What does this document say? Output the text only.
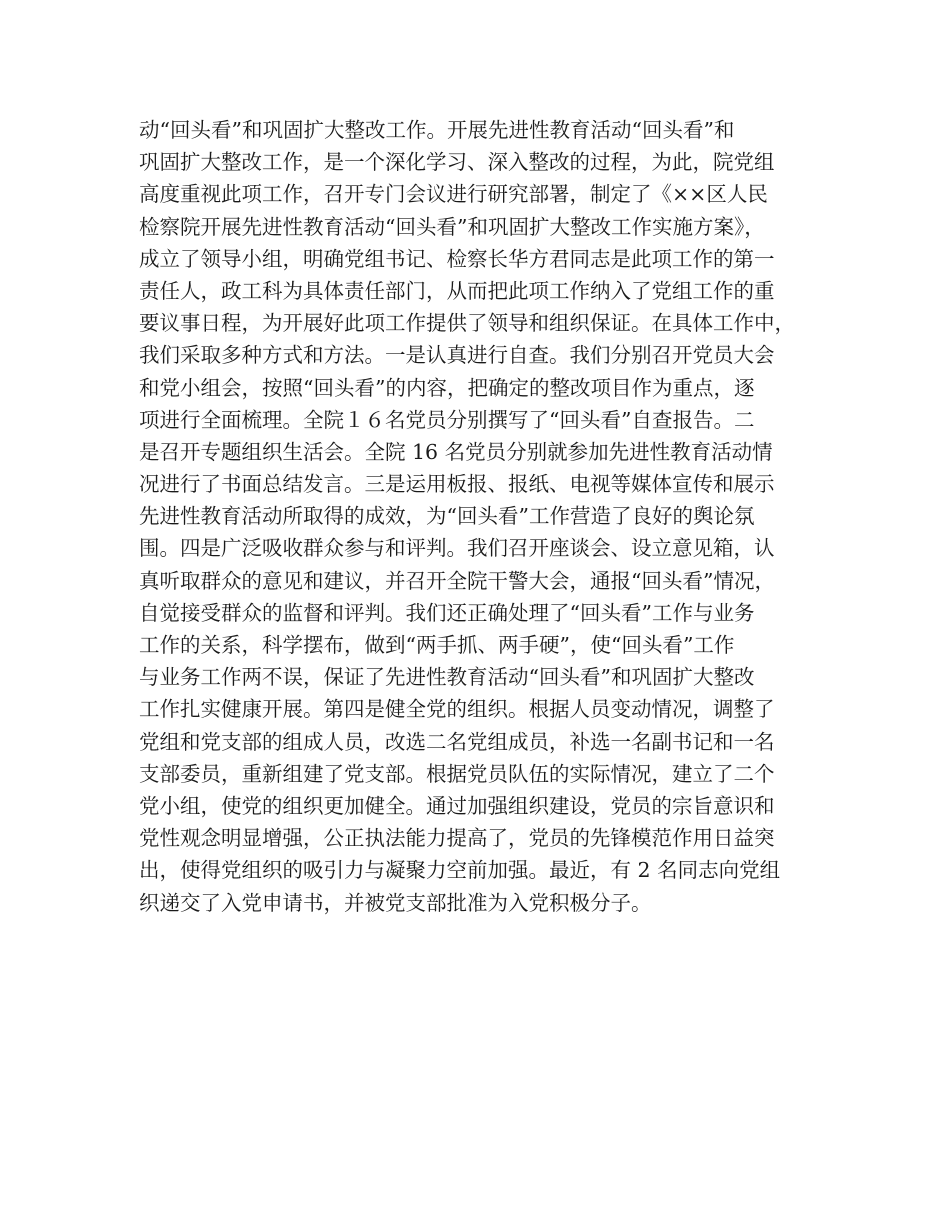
动“回头看”和巩固扩大整改工作。开展先进性教育活动“回头看”和
巩固扩大整改工作，是一个深化学习、深入整改的过程，为此，院党组
高度重视此项工作，召开专门会议进行研究部署，制定了《××区人民
检察院开展先进性教育活动“回头看”和巩固扩大整改工作实施方案》，
成立了领导小组，明确党组书记、检察长华方君同志是此项工作的第一
责任人，政工科为具体责任部门，从而把此项工作纳入了党组工作的重
要议事日程，为开展好此项工作提供了领导和组织保证。在具体工作中，
我们采取多种方式和方法。一是认真进行自查。我们分别召开党员大会
和党小组会，按照“回头看”的内容，把确定的整改项目作为重点，逐
项进行全面梳理。全院１６名党员分别撰写了“回头看”自查报告。二
是召开专题组织生活会。全院 16 名党员分别就参加先进性教育活动情
况进行了书面总结发言。三是运用板报、报纸、电视等媒体宣传和展示
先进性教育活动所取得的成效，为“回头看”工作营造了良好的舆论氛
围。四是广泛吸收群众参与和评判。我们召开座谈会、设立意见箱，认
真听取群众的意见和建议，并召开全院干警大会，通报“回头看”情况，
自觉接受群众的监督和评判。我们还正确处理了“回头看”工作与业务
工作的关系，科学摆布，做到“两手抓、两手硬”，使“回头看”工作
与业务工作两不误，保证了先进性教育活动“回头看”和巩固扩大整改
工作扎实健康开展。第四是健全党的组织。根据人员变动情况，调整了
党组和党支部的组成人员，改选二名党组成员，补选一名副书记和一名
支部委员，重新组建了党支部。根据党员队伍的实际情况，建立了二个
党小组，使党的组织更加健全。通过加强组织建设，党员的宗旨意识和
党性观念明显增强，公正执法能力提高了，党员的先锋模范作用日益突
出，使得党组织的吸引力与凝聚力空前加强。最近，有 2 名同志向党组
织递交了入党申请书，并被党支部批准为入党积极分子。
